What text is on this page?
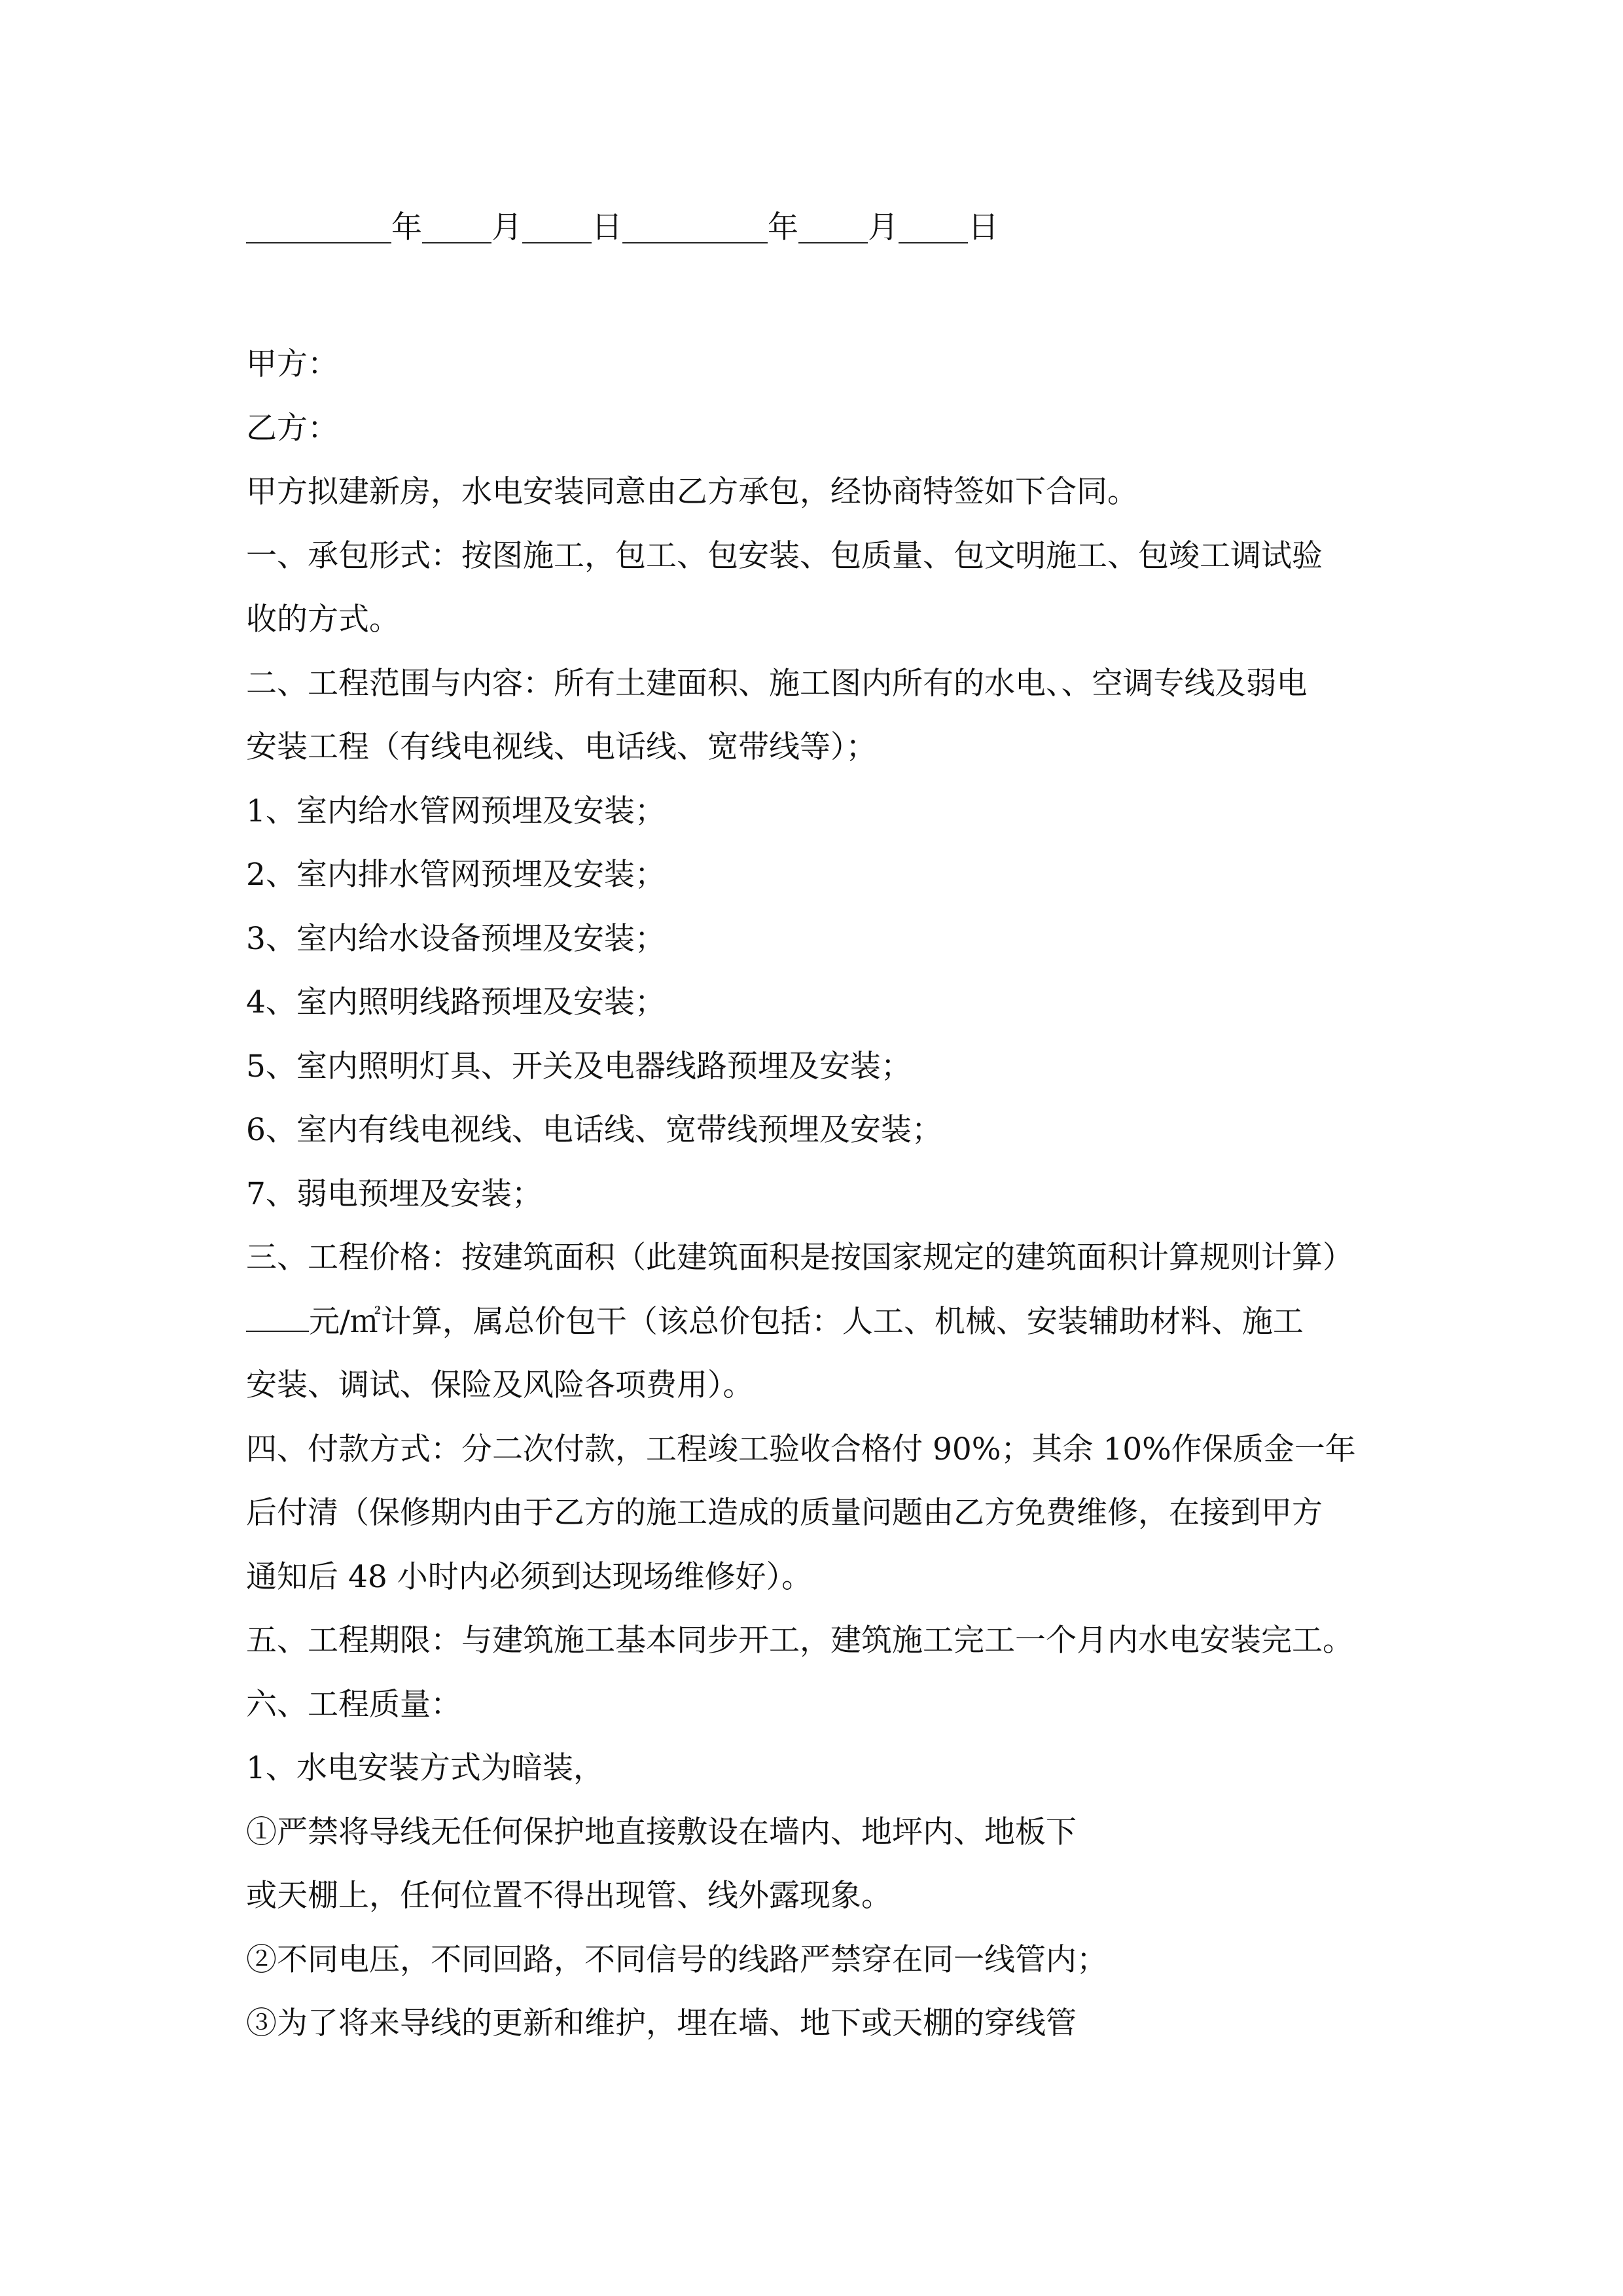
年 月 日	年 月 日
甲方：
乙方：
甲方拟建新房，水电安装同意由乙方承包，经协商特签如下合同。
一、承包形式：按图施工，包工、包安装、包质量、包文明施工、包竣工调试验
收的方式。
二、工程范围与内容：所有土建面积、施工图内所有的水电、、空调专线及弱电
安装工程（有线电视线、电话线、宽带线等）；
1、室内给水管网预埋及安装；
2、室内排水管网预埋及安装；
3、室内给水设备预埋及安装；
4、室内照明线路预埋及安装；
5、室内照明灯具、开关及电器线路预埋及安装；
6、室内有线电视线、电话线、宽带线预埋及安装；
7、弱电预埋及安装；
三、工程价格：按建筑面积（此建筑面积是按国家规定的建筑面积计算规则计算）
元/㎡计算，属总价包干（该总价包括：人工、机械、安装辅助材料、施工
安装、调试、保险及风险各项费用）。
四、付款方式：分二次付款，工程竣工验收合格付 90%；其余 10%作保质金一年
后付清（保修期内由于乙方的施工造成的质量问题由乙方免费维修，在接到甲方
通知后 48 小时内必须到达现场维修好）。
五、工程期限：与建筑施工基本同步开工，建筑施工完工一个月内水电安装完工。
六、工程质量：
1、水电安装方式为暗装，
①严禁将导线无任何保护地直接敷设在墙内、地坪内、地板下
或天棚上，任何位置不得出现管、线外露现象。
②不同电压，不同回路，不同信号的线路严禁穿在同一线管内；
③为了将来导线的更新和维护，埋在墙、地下或天棚的穿线管
